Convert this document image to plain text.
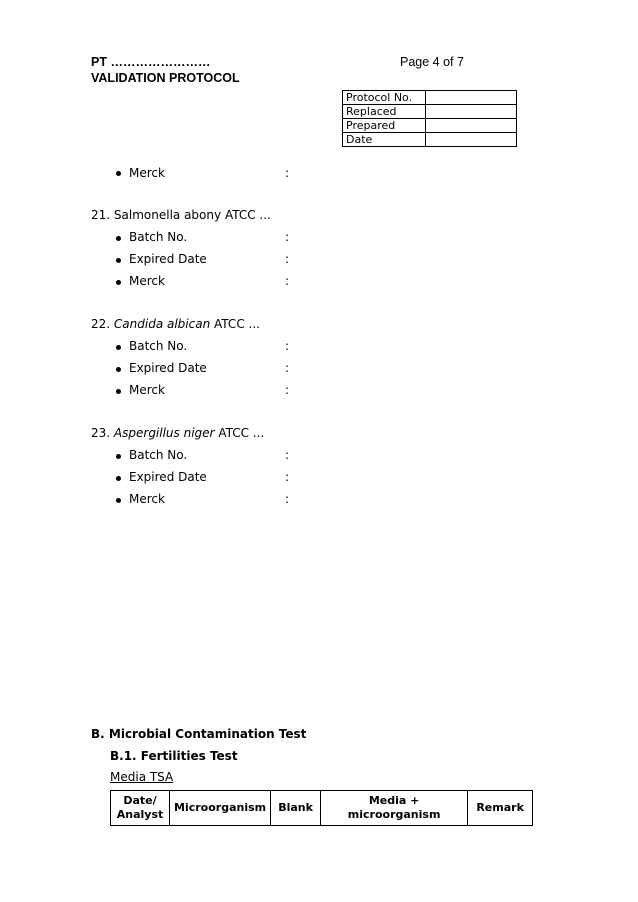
PT ……………………
VALIDATION PROTOCOL
Page 4 of 7
Protocol No.	
Replaced	
Prepared	
Date	
Merck	:
21. Salmonella abony ATCC ...
Batch No.	:
Expired Date	:
Merck	:
22. Candida albican ATCC ...
Batch No.	:
Expired Date	:
Merck	:
23. Aspergillus niger ATCC ...
Batch No.	:
Expired Date	:
Merck	:
B. Microbial Contamination Test
B.1. Fertilities Test
Media TSA
Date/ Analyst	Microorganism	Blank	Media + microorganism	Remark
